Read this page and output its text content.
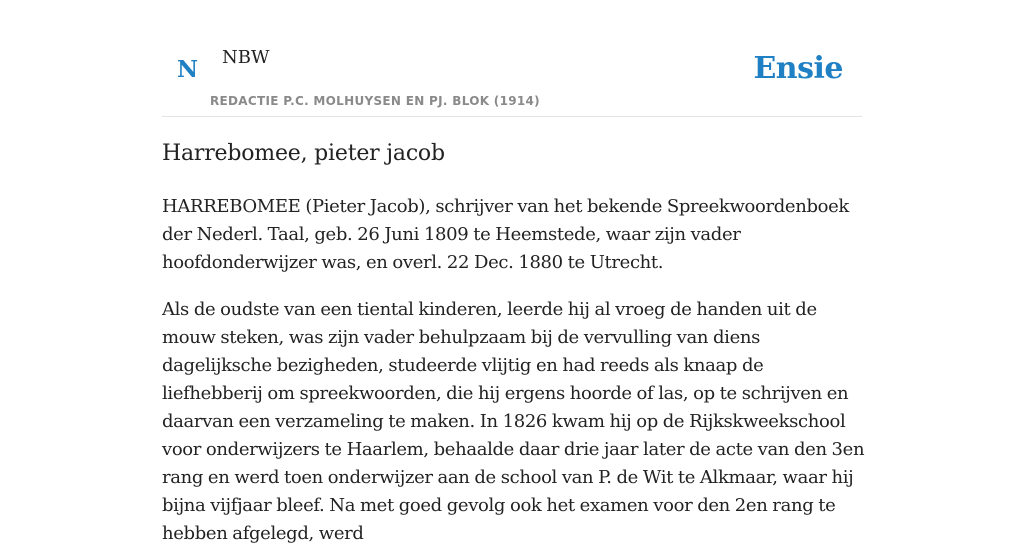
N NBW
REDACTIE P.C. MOLHUYSEN EN PJ. BLOK (1914)
Ensie
Harrebomee, pieter jacob

HARREBOMEE (Pieter Jacob), schrijver van het bekende Spreekwoordenboek der Nederl. Taal, geb. 26 Juni 1809 te Heemstede, waar zijn vader hoofdonderwijzer was, en overl. 22 Dec. 1880 te Utrecht.

Als de oudste van een tiental kinderen, leerde hij al vroeg de handen uit de mouw steken, was zijn vader behulpzaam bij de vervulling van diens dagelijksche bezigheden, studeerde vlijtig en had reeds als knaap de liefhebberij om spreekwoorden, die hij ergens hoorde of las, op te schrijven en daarvan een verzameling te maken. In 1826 kwam hij op de Rijkskweekschool voor onderwijzers te Haarlem, behaalde daar drie jaar later de acte van den 3en rang en werd toen onderwijzer aan de school van P. de Wit te Alkmaar, waar hij bijna vijfjaar bleef. Na met goed gevolg ook het examen voor den 2en rang te hebben afgelegd, werd
